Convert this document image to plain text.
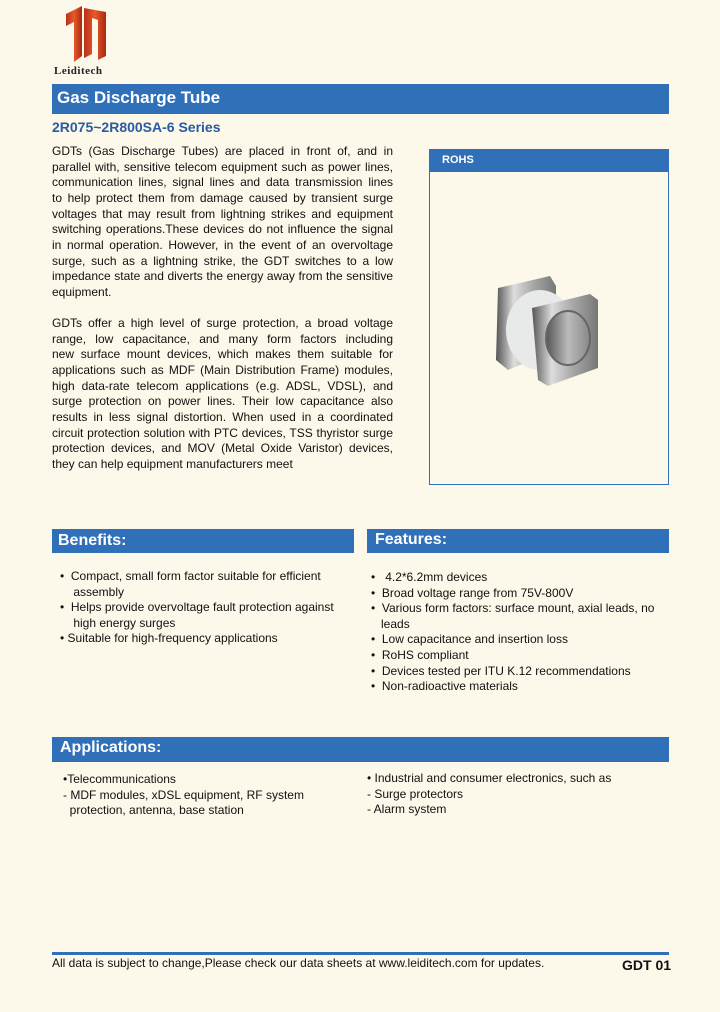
Leiditech
Gas Discharge Tube
2R075~2R800SA-6 Series
GDTs (Gas Discharge Tubes) are placed in front of, and in
parallel with, sensitive telecom equipment such as power lines,
communication lines, signal lines and data transmission lines
to help protect them from damage caused by transient surge
voltages that may result from lightning strikes and equipment
switching operations.These devices do not influence the signal
in normal operation. However, in the event of an overvoltage
surge, such as a lightning strike, the GDT switches to a low
impedance state and diverts the energy away from the sensitive
equipment.
GDTs offer a high level of surge protection, a broad voltage
range, low capacitance, and many form factors including
new surface mount devices, which makes them suitable for
applications such as MDF (Main Distribution Frame) modules,
high data-rate telecom applications (e.g. ADSL, VDSL), and
surge protection on power lines. Their low capacitance also
results in less signal distortion. When used in a coordinated
circuit protection solution with PTC devices, TSS thyristor surge
protection devices, and MOV (Metal Oxide Varistor) devices,
they can help equipment manufacturers meet
ROHS
Benefits:	Features:
•  Compact, small form factor suitable for efficient
assembly
•  Helps provide overvoltage fault protection against
high energy surges
• Suitable for high-frequency applications
•   4.2*6.2mm devices
•  Broad voltage range from 75V-800V
•  Various form factors: surface mount, axial leads, no
leads
•  Low capacitance and insertion loss
•  RoHS compliant
•  Devices tested per ITU K.12 recommendations
•  Non-radioactive materials
Applications:
•Telecommunications
- MDF modules, xDSL equipment, RF system
protection, antenna, base station
• Industrial and consumer electronics, such as
- Surge protectors
- Alarm system
All data is subject to change,Please check our data sheets at www.leiditech.com for updates.	GDT 01
